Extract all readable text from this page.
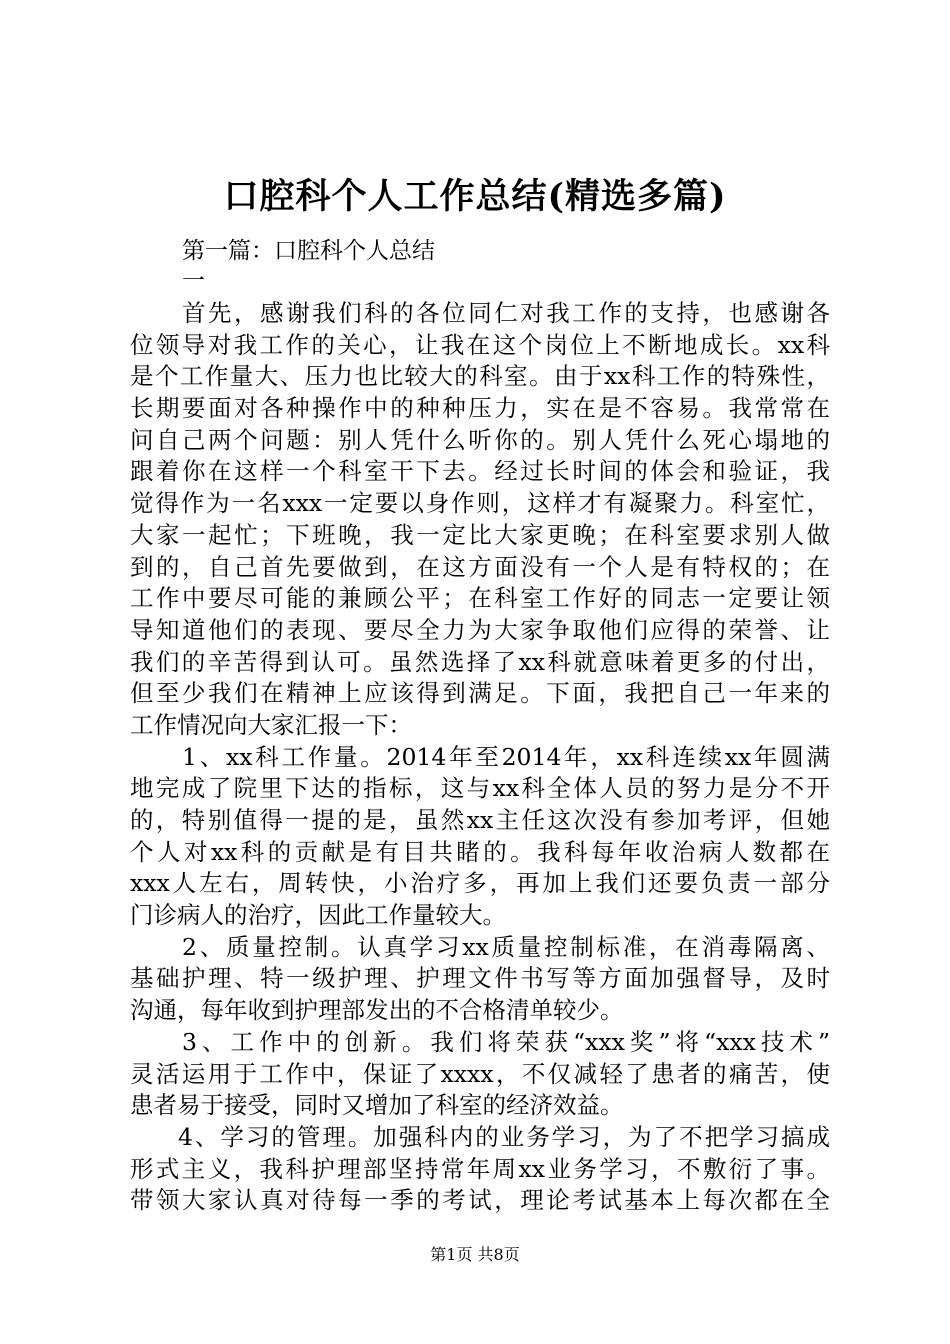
口腔科个人工作总结(精选多篇)
第一篇：口腔科个人总结
一
首先，感谢我们科的各位同仁对我工作的支持，也感谢各
位领导对我工作的关心，让我在这个岗位上不断地成长。xx科
是个工作量大、压力也比较大的科室。由于xx科工作的特殊性，
长期要面对各种操作中的种种压力，实在是不容易。我常常在
问自己两个问题：别人凭什么听你的。别人凭什么死心塌地的
跟着你在这样一个科室干下去。经过长时间的体会和验证，我
觉得作为一名xxx一定要以身作则，这样才有凝聚力。科室忙，
大家一起忙；下班晚，我一定比大家更晚；在科室要求别人做
到的，自己首先要做到，在这方面没有一个人是有特权的；在
工作中要尽可能的兼顾公平；在科室工作好的同志一定要让领
导知道他们的表现、要尽全力为大家争取他们应得的荣誉、让
我们的辛苦得到认可。虽然选择了xx科就意味着更多的付出，
但至少我们在精神上应该得到满足。下面，我把自己一年来的
工作情况向大家汇报一下：
1、xx科工作量。2014年至2014年，xx科连续xx年圆满
地完成了院里下达的指标，这与xx科全体人员的努力是分不开
的，特别值得一提的是，虽然xx主任这次没有参加考评，但她
个人对xx科的贡献是有目共睹的。我科每年收治病人数都在
xxx人左右，周转快，小治疗多，再加上我们还要负责一部分
门诊病人的治疗，因此工作量较大。
2、质量控制。认真学习xx质量控制标准，在消毒隔离、
基础护理、特一级护理、护理文件书写等方面加强督导，及时
沟通，每年收到护理部发出的不合格清单较少。
3、工作中的创新。我们将荣获“xxx奖”将“xxx技术”
灵活运用于工作中，保证了xxxx，不仅减轻了患者的痛苦，使
患者易于接受，同时又增加了科室的经济效益。
4、学习的管理。加强科内的业务学习，为了不把学习搞成
形式主义，我科护理部坚持常年周xx业务学习，不敷衍了事。
带领大家认真对待每一季的考试，理论考试基本上每次都在全
第1页 共8页
